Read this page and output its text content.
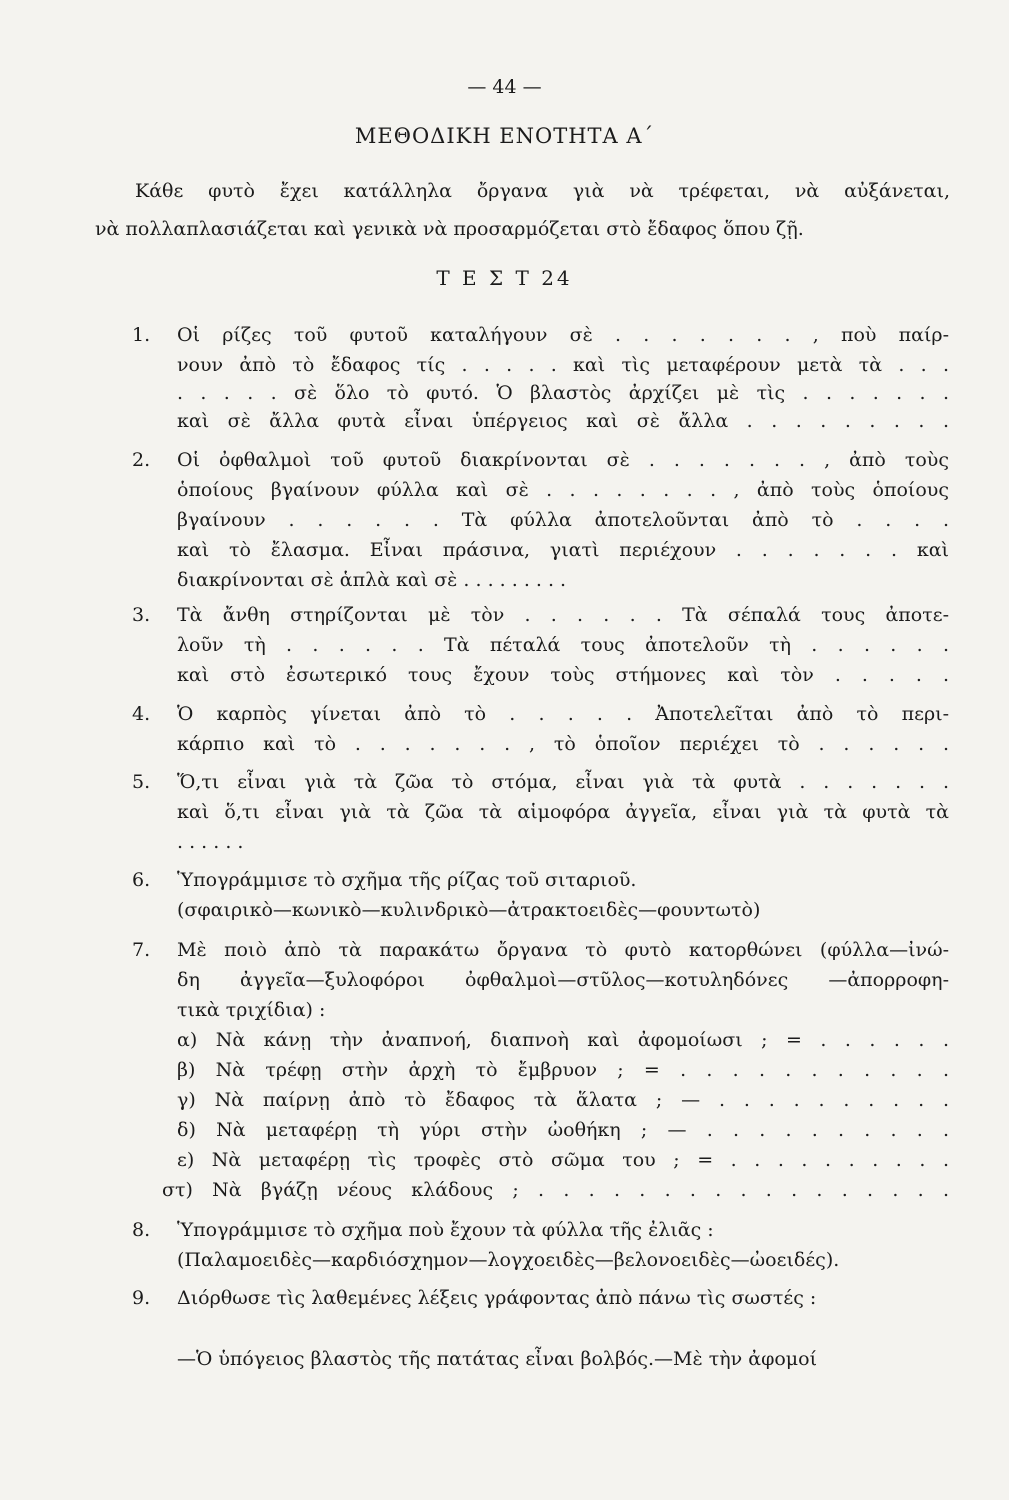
— 44 —
ΜΕΘΟΔΙΚΗ ΕΝΟΤΗΤΑ Α΄
Κάθε φυτὸ ἔχει κατάλληλα ὄργανα γιὰ νὰ τρέφεται, νὰ αὐξάνεται,
νὰ πολλαπλασιάζεται καὶ γενικὰ νὰ προσαρμόζεται στὸ ἔδαφος ὅπου ζῇ.
Τ Ε Σ Τ 24
1.	Οἱ ρίζες τοῦ φυτοῦ καταλήγουν σὲ . . . . . . . , ποὺ παίρ-
νουν ἀπὸ τὸ ἔδαφος τίς . . . . . καὶ τὶς μεταφέρουν μετὰ τὰ . . .
. . . . . σὲ ὅλο τὸ φυτό. Ὁ βλαστὸς ἀρχίζει μὲ τὶς . . . . . . .
καὶ σὲ ἄλλα φυτὰ εἶναι ὑπέργειος καὶ σὲ ἄλλα . . . . . . . . .
2.	Οἱ ὀφθαλμοὶ τοῦ φυτοῦ διακρίνονται σὲ . . . . . . . , ἀπὸ τοὺς
ὁποίους βγαίνουν φύλλα καὶ σὲ . . . . . . . . , ἀπὸ τοὺς ὁποίους
βγαίνουν . . . . . . Τὰ φύλλα ἀποτελοῦνται ἀπὸ τὸ . . . .
καὶ τὸ ἔλασμα. Εἶναι πράσινα, γιατὶ περιέχουν . . . . . . . καὶ
διακρίνονται σὲ ἁπλὰ καὶ σὲ . . . . . . . . .
3.	Τὰ ἄνθη στηρίζονται μὲ τὸν . . . . . . Τὰ σέπαλά τους ἀποτε-
λοῦν τὴ . . . . . . Τὰ πέταλά τους ἀποτελοῦν τὴ . . . . . .
καὶ στὸ ἐσωτερικό τους ἔχουν τοὺς στήμονες καὶ τὸν . . . . .
4.	Ὁ καρπὸς γίνεται ἀπὸ τὸ . . . . . Ἀποτελεῖται ἀπὸ τὸ περι-
κάρπιο καὶ τὸ . . . . . . . , τὸ ὁποῖον περιέχει τὸ . . . . . .
5.	Ὅ,τι εἶναι γιὰ τὰ ζῶα τὸ στόμα, εἶναι γιὰ τὰ φυτὰ . . . . . . .
καὶ ὅ,τι εἶναι γιὰ τὰ ζῶα τὰ αἱμοφόρα ἀγγεῖα, εἶναι γιὰ τὰ φυτὰ τὰ
. . . . . .
6.	Ὑπογράμμισε τὸ σχῆμα τῆς ρίζας τοῦ σιταριοῦ.
(σφαιρικὸ—κωνικὸ—κυλινδρικὸ—ἀτρακτοειδὲς—φουντωτὸ)
7.	Μὲ ποιὸ ἀπὸ τὰ παρακάτω ὄργανα τὸ φυτὸ κατορθώνει (φύλλα—ἰνώ-
δη ἀγγεῖα—ξυλοφόροι ὀφθαλμοὶ—στῦλος—κοτυληδόνες —ἀπορροφη-
τικὰ τριχίδια) :
α) Νὰ κάνῃ τὴν ἀναπνοή, διαπνοὴ καὶ ἀφομοίωσι ; = . . . . . .
β) Νὰ τρέφῃ στὴν ἀρχὴ τὸ ἔμβρυον ; = . . . . . . . . . . .
γ) Νὰ παίρνῃ ἀπὸ τὸ ἔδαφος τὰ ἅλατα ; — . . . . . . . . . .
δ) Νὰ μεταφέρῃ τὴ γύρι στὴν ὠοθήκη ; — . . . . . . . . . .
ε) Νὰ μεταφέρῃ τὶς τροφὲς στὸ σῶμα του ; = . . . . . . . . . .
στ) Νὰ βγάζῃ νέους κλάδους ; . . . . . . . . . . . . . . . . .
8.	Ὑπογράμμισε τὸ σχῆμα ποὺ ἔχουν τὰ φύλλα τῆς ἐλιᾶς :
(Παλαμοειδὲς—καρδιόσχημον—λογχοειδὲς—βελονοειδὲς—ὠοειδές).
9.	Διόρθωσε τὶς λαθεμένες λέξεις γράφοντας ἀπὸ πάνω τὶς σωστές :
—Ὁ ὑπόγειος βλαστὸς τῆς πατάτας εἶναι βολβός.—Μὲ τὴν ἀφομοί
